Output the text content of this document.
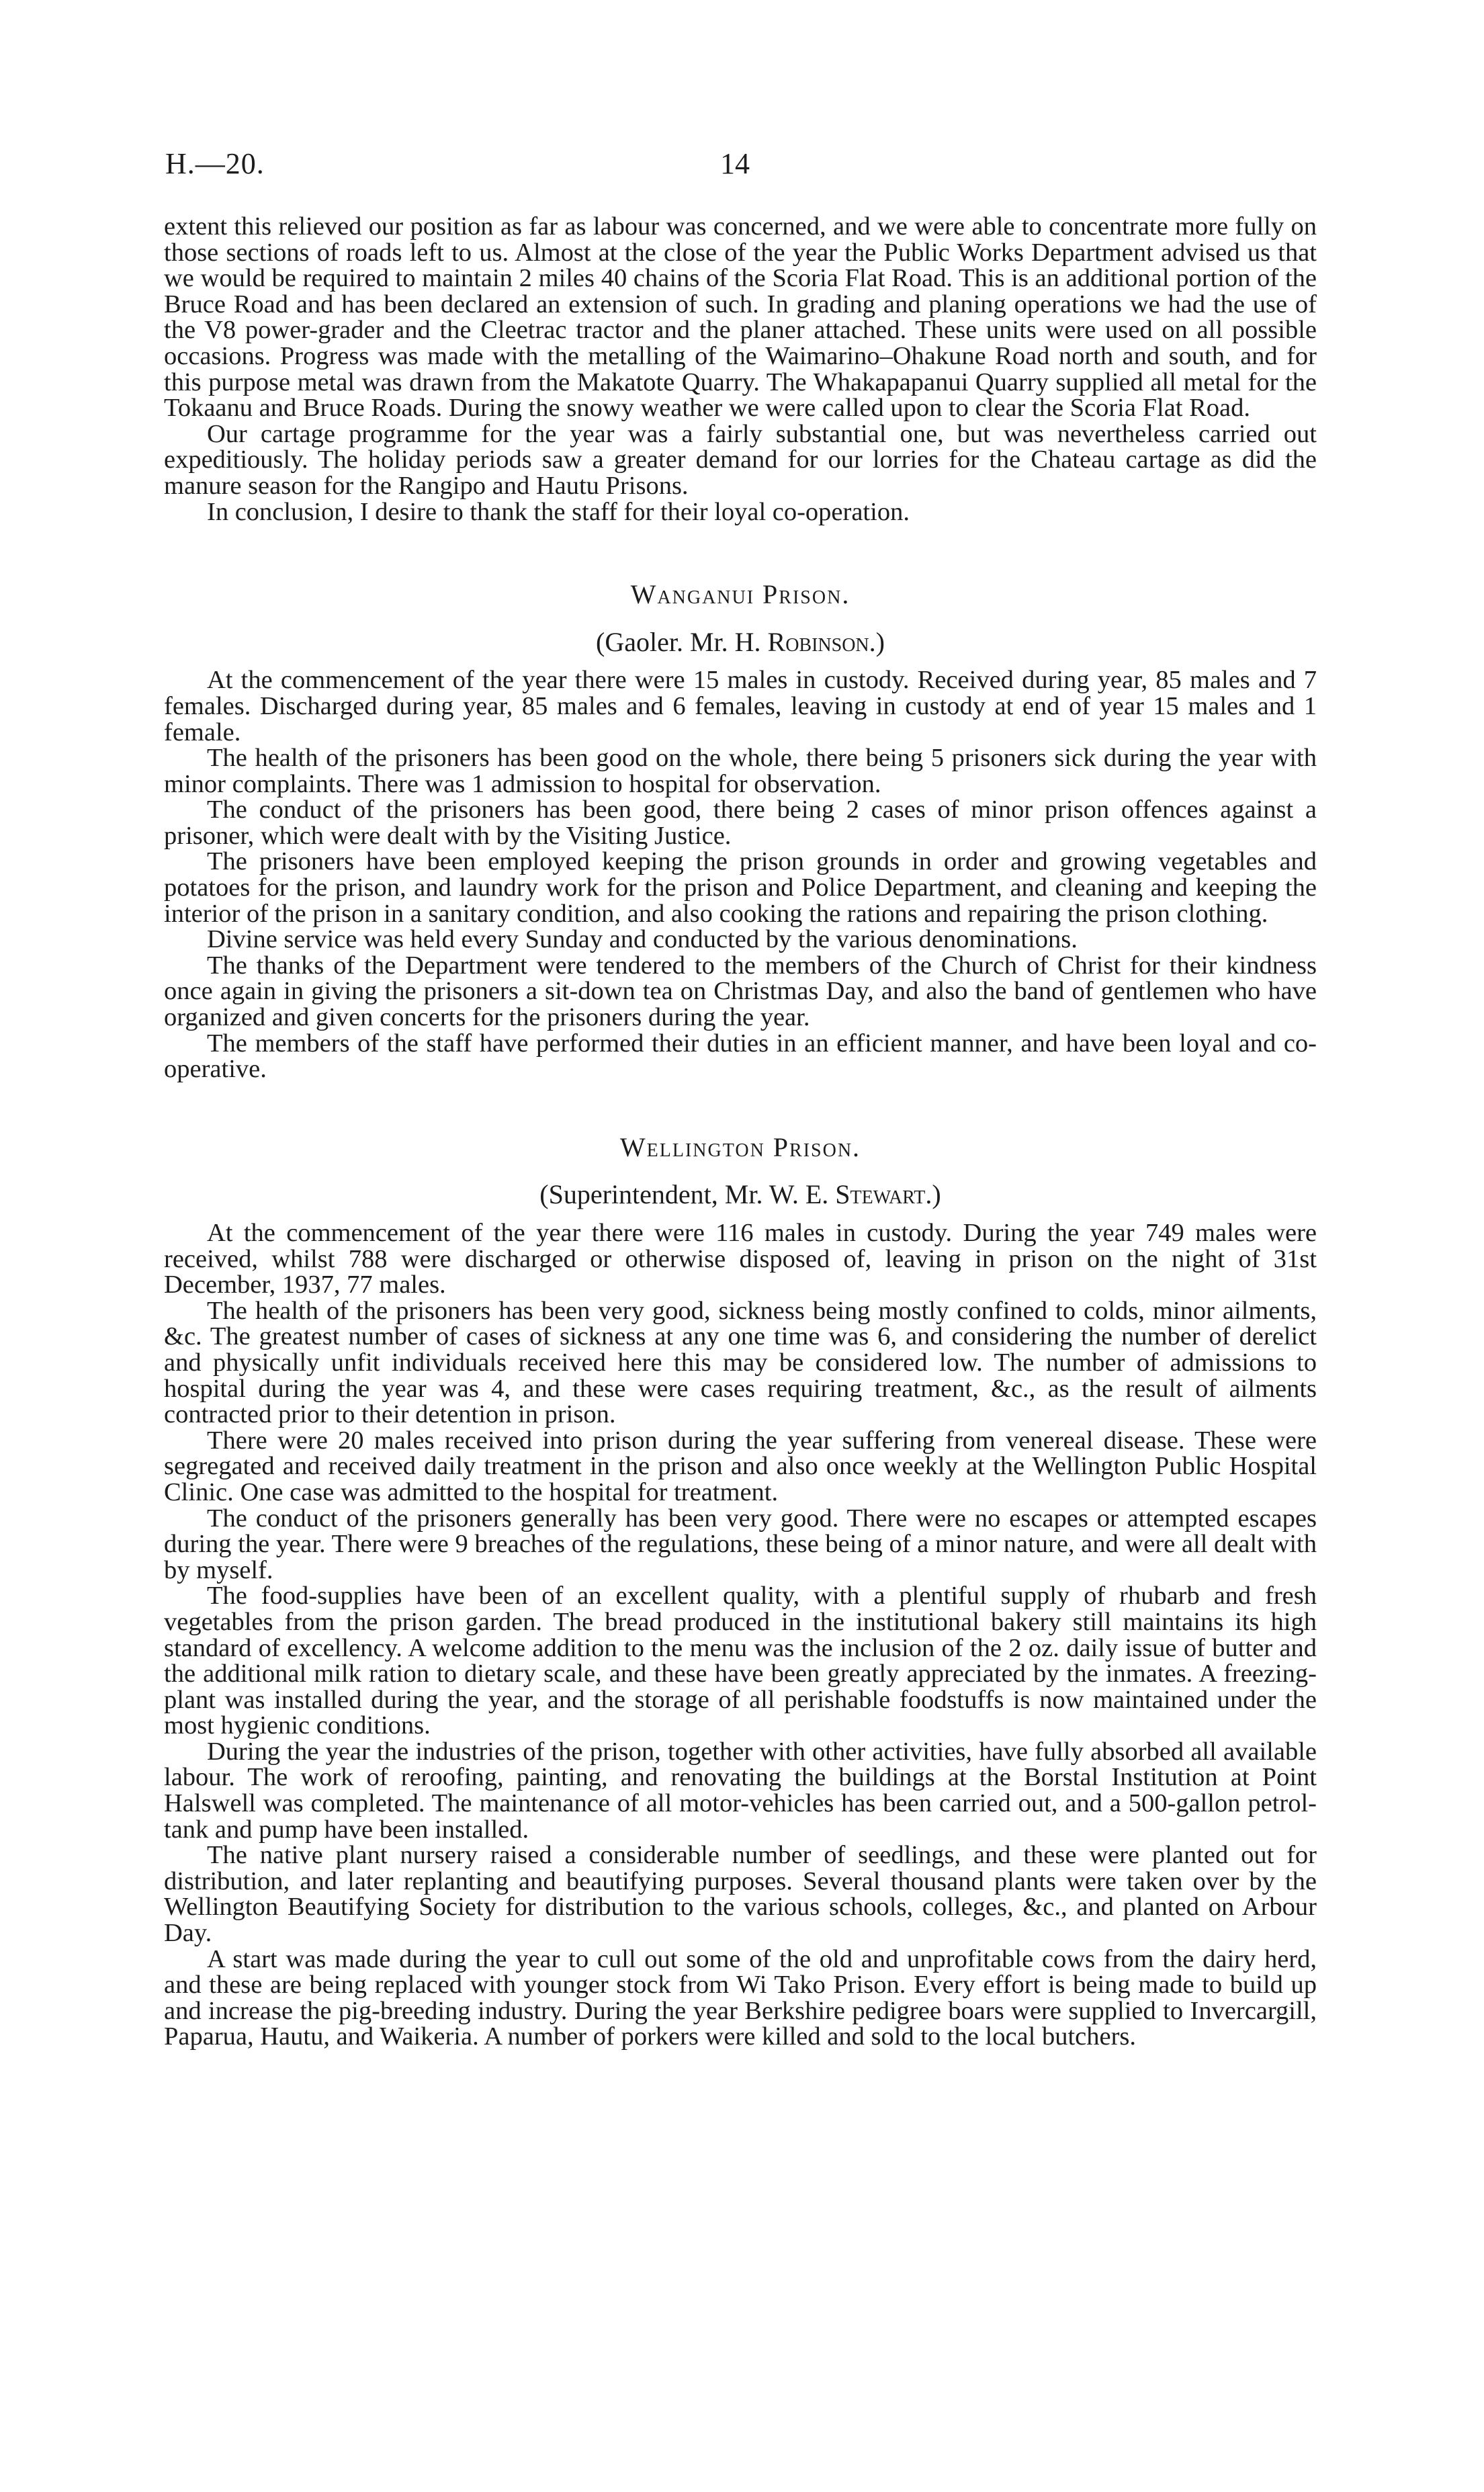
H.—20.	14

extent this relieved our position as far as labour was concerned, and we were able to concentrate more fully on those sections of roads left to us. Almost at the close of the year the Public Works Department advised us that we would be required to maintain 2 miles 40 chains of the Scoria Flat Road. This is an additional portion of the Bruce Road and has been declared an extension of such. In grading and planing operations we had the use of the V8 power-grader and the Cleetrac tractor and the planer attached. These units were used on all possible occasions. Progress was made with the metalling of the Waimarino–Ohakune Road north and south, and for this purpose metal was drawn from the Makatote Quarry. The Whakapapanui Quarry supplied all metal for the Tokaanu and Bruce Roads. During the snowy weather we were called upon to clear the Scoria Flat Road.

Our cartage programme for the year was a fairly substantial one, but was nevertheless carried out expeditiously. The holiday periods saw a greater demand for our lorries for the Chateau cartage as did the manure season for the Rangipo and Hautu Prisons.

In conclusion, I desire to thank the staff for their loyal co-operation.

Wanganui Prison.

(Gaoler. Mr. H. Robinson.)

At the commencement of the year there were 15 males in custody. Received during year, 85 males and 7 females. Discharged during year, 85 males and 6 females, leaving in custody at end of year 15 males and 1 female.

The health of the prisoners has been good on the whole, there being 5 prisoners sick during the year with minor complaints. There was 1 admission to hospital for observation.

The conduct of the prisoners has been good, there being 2 cases of minor prison offences against a prisoner, which were dealt with by the Visiting Justice.

The prisoners have been employed keeping the prison grounds in order and growing vegetables and potatoes for the prison, and laundry work for the prison and Police Department, and cleaning and keeping the interior of the prison in a sanitary condition, and also cooking the rations and repairing the prison clothing.

Divine service was held every Sunday and conducted by the various denominations.

The thanks of the Department were tendered to the members of the Church of Christ for their kindness once again in giving the prisoners a sit-down tea on Christmas Day, and also the band of gentlemen who have organized and given concerts for the prisoners during the year.

The members of the staff have performed their duties in an efficient manner, and have been loyal and co-operative.

Wellington Prison.

(Superintendent, Mr. W. E. Stewart.)

At the commencement of the year there were 116 males in custody. During the year 749 males were received, whilst 788 were discharged or otherwise disposed of, leaving in prison on the night of 31st December, 1937, 77 males.

The health of the prisoners has been very good, sickness being mostly confined to colds, minor ailments, &c. The greatest number of cases of sickness at any one time was 6, and considering the number of derelict and physically unfit individuals received here this may be considered low. The number of admissions to hospital during the year was 4, and these were cases requiring treatment, &c., as the result of ailments contracted prior to their detention in prison.

There were 20 males received into prison during the year suffering from venereal disease. These were segregated and received daily treatment in the prison and also once weekly at the Wellington Public Hospital Clinic. One case was admitted to the hospital for treatment.

The conduct of the prisoners generally has been very good. There were no escapes or attempted escapes during the year. There were 9 breaches of the regulations, these being of a minor nature, and were all dealt with by myself.

The food-supplies have been of an excellent quality, with a plentiful supply of rhubarb and fresh vegetables from the prison garden. The bread produced in the institutional bakery still maintains its high standard of excellency. A welcome addition to the menu was the inclusion of the 2 oz. daily issue of butter and the additional milk ration to dietary scale, and these have been greatly appreciated by the inmates. A freezing-plant was installed during the year, and the storage of all perishable foodstuffs is now maintained under the most hygienic conditions.

During the year the industries of the prison, together with other activities, have fully absorbed all available labour. The work of reroofing, painting, and renovating the buildings at the Borstal Institution at Point Halswell was completed. The maintenance of all motor-vehicles has been carried out, and a 500-gallon petrol-tank and pump have been installed.

The native plant nursery raised a considerable number of seedlings, and these were planted out for distribution, and later replanting and beautifying purposes. Several thousand plants were taken over by the Wellington Beautifying Society for distribution to the various schools, colleges, &c., and planted on Arbour Day.

A start was made during the year to cull out some of the old and unprofitable cows from the dairy herd, and these are being replaced with younger stock from Wi Tako Prison. Every effort is being made to build up and increase the pig-breeding industry. During the year Berkshire pedigree boars were supplied to Invercargill, Paparua, Hautu, and Waikeria. A number of porkers were killed and sold to the local butchers.
